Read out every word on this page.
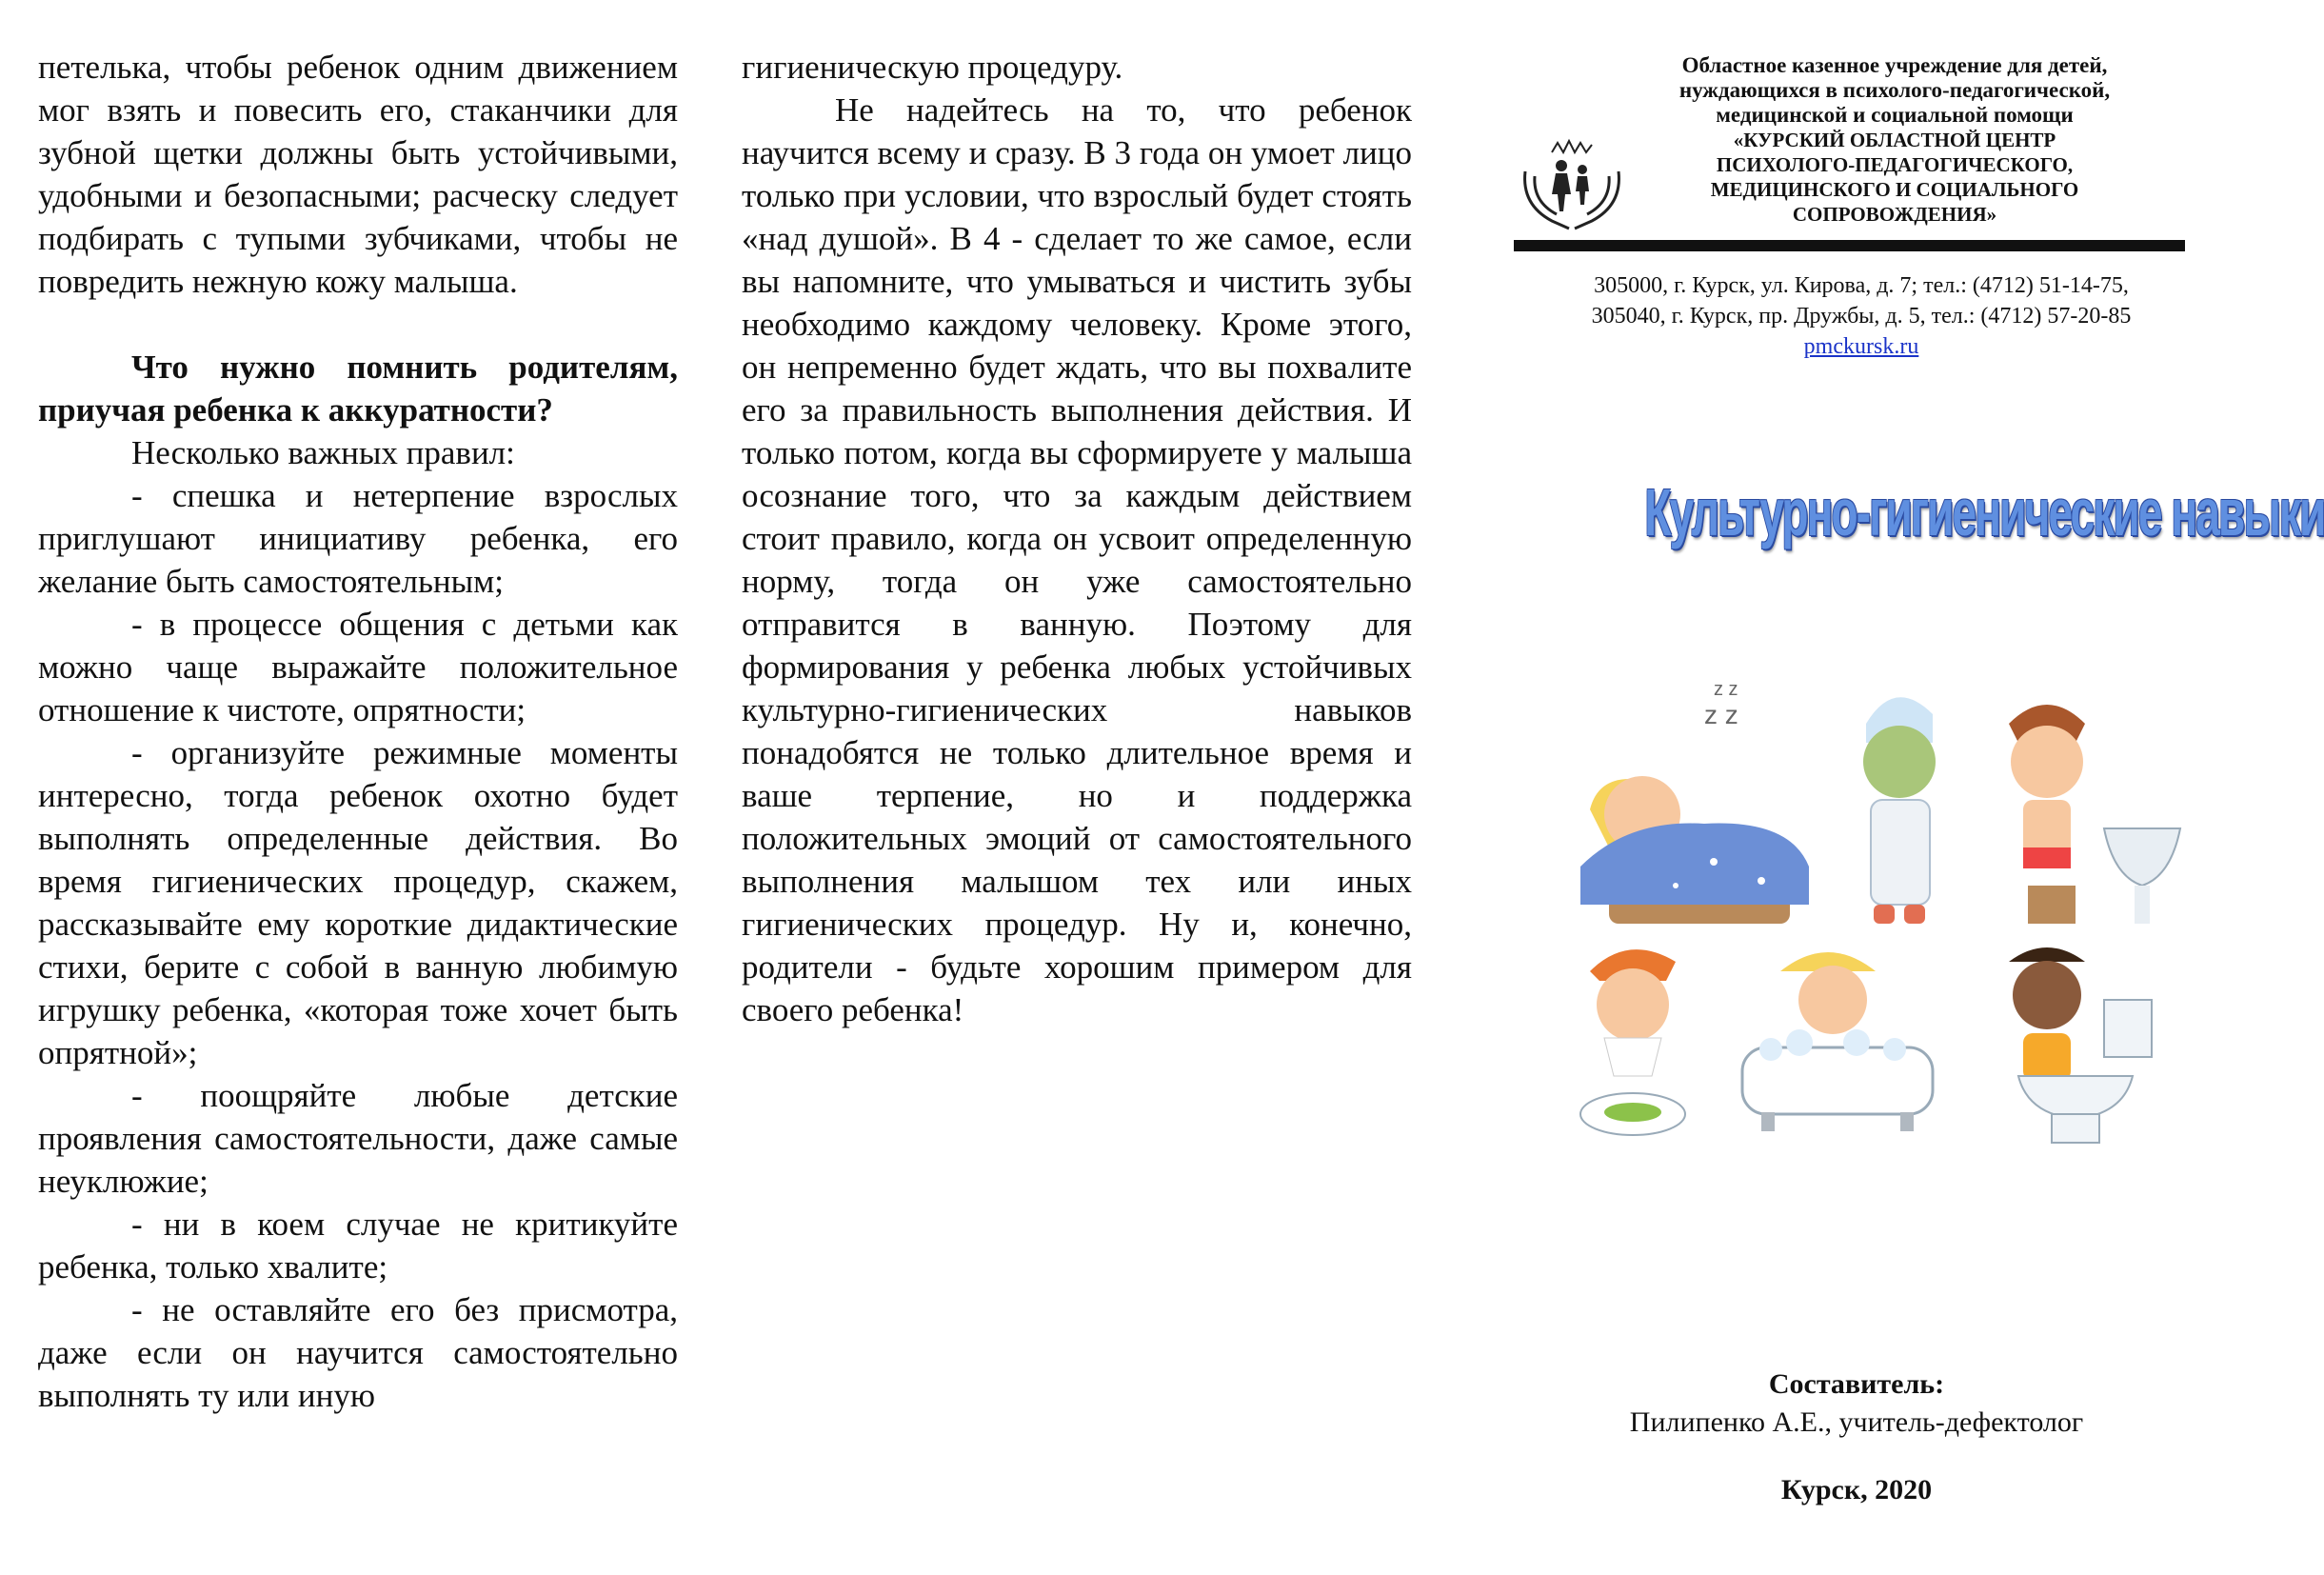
петелька, чтобы ребенок одним движением мог взять и повесить его, стаканчики для зубной щетки должны быть устойчивыми, удобными и безопасными; расческу следует подбирать с тупыми зубчиками, чтобы не повредить нежную кожу малыша.

Что нужно помнить родителям, приучая ребенка к аккуратности?

Несколько важных правил:

- спешка и нетерпение взрослых приглушают инициативу ребенка, его желание быть самостоятельным;

- в процессе общения с детьми как можно чаще выражайте положительное отношение к чистоте, опрятности;

- организуйте режимные моменты интересно, тогда ребенок охотно будет выполнять определенные действия. Во время гигиенических процедур, скажем, рассказывайте ему короткие дидактические стихи, берите с собой в ванную любимую игрушку ребенка, «которая тоже хочет быть опрятной»;

- поощряйте любые детские проявления самостоятельности, даже самые неуклюжие;

- ни в коем случае не критикуйте ребенка, только хвалите;

- не оставляйте его без присмотра, даже если он научится самостоятельно выполнять ту или иную

гигиеническую процедуру.

Не надейтесь на то, что ребенок научится всему и сразу. В 3 года он умоет лицо только при условии, что взрослый будет стоять «над душой». В 4 - сделает то же самое, если вы напомните, что умываться и чистить зубы необходимо каждому человеку. Кроме этого, он непременно будет ждать, что вы похвалите его за правильность выполнения действия. И только потом, когда вы сформируете у малыша осознание того, что за каждым действием стоит правило, когда он усвоит определенную норму, тогда он уже самостоятельно отправится в ванную. Поэтому для формирования у ребенка любых устойчивых культурно-гигиенических навыков понадобятся не только длительное время и ваше терпение, но и поддержка положительных эмоций от самостоятельного выполнения малышом тех или иных гигиенических процедур. Ну и, конечно, родители - будьте хорошим примером для своего ребенка!

Областное казенное учреждение для детей,
нуждающихся в психолого-педагогической,
медицинской и социальной помощи
«КУРСКИЙ ОБЛАСТНОЙ ЦЕНТР
ПСИХОЛОГО-ПЕДАГОГИЧЕСКОГО,
МЕДИЦИНСКОГО И СОЦИАЛЬНОГО
СОПРОВОЖДЕНИЯ»
305000, г. Курск, ул. Кирова, д. 7; тел.: (4712) 51-14-75,
305040, г. Курск, пр. Дружбы, д. 5, тел.: (4712) 57-20-85
pmckursk.ru
Культурно-гигиенические навыки
z z
z z
Составитель:
Пилипенко А.Е., учитель-дефектолог
Курск, 2020
